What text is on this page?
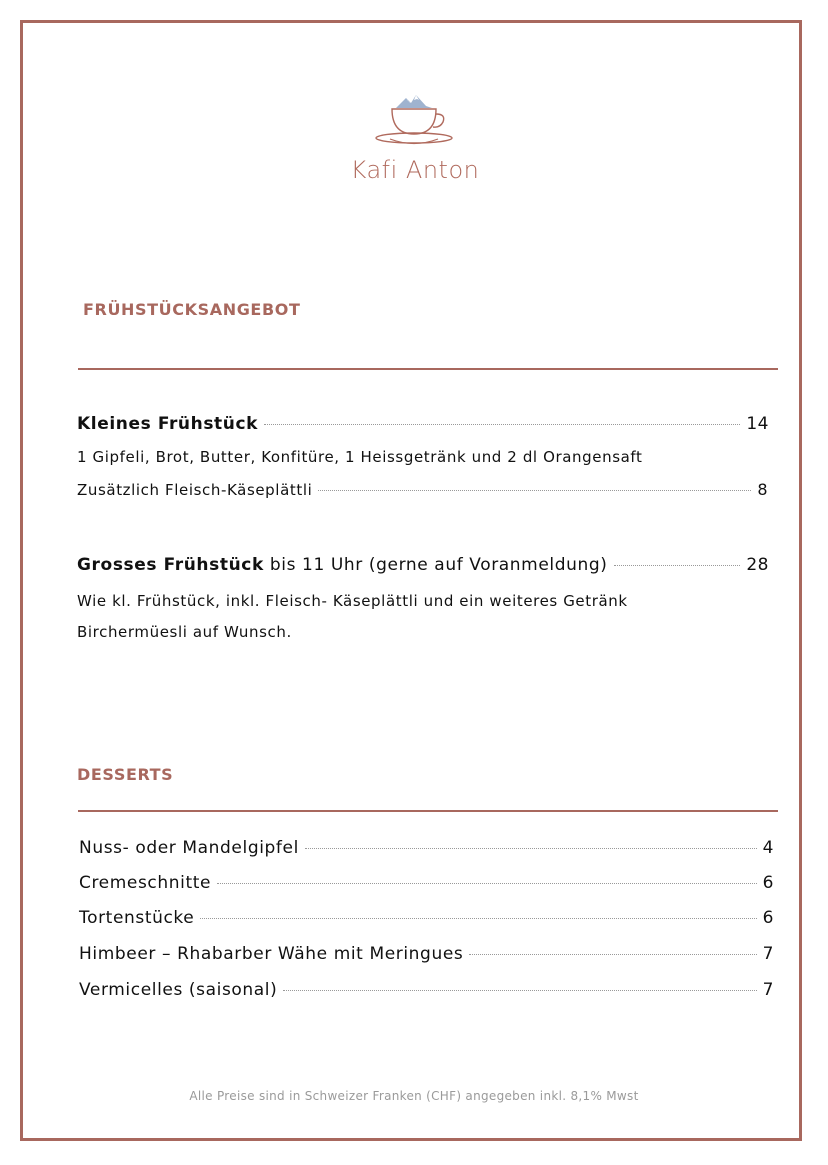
Kafi Anton
FRÜHSTÜCKSANGEBOT
Kleines Frühstück	14
1 Gipfeli, Brot, Butter, Konfitüre, 1 Heissgetränk und 2 dl Orangensaft
Zusätzlich Fleisch-Käseplättli	8
Grosses Frühstück bis 11 Uhr (gerne auf Voranmeldung)	28
Wie kl. Frühstück, inkl. Fleisch- Käseplättli und ein weiteres Getränk
Birchermüesli auf Wunsch.
DESSERTS
Nuss- oder Mandelgipfel	4
Cremeschnitte	6
Tortenstücke	6
Himbeer – Rhabarber Wähe mit Meringues	7
Vermicelles (saisonal)	7
Alle Preise sind in Schweizer Franken (CHF) angegeben inkl. 8,1% Mwst
